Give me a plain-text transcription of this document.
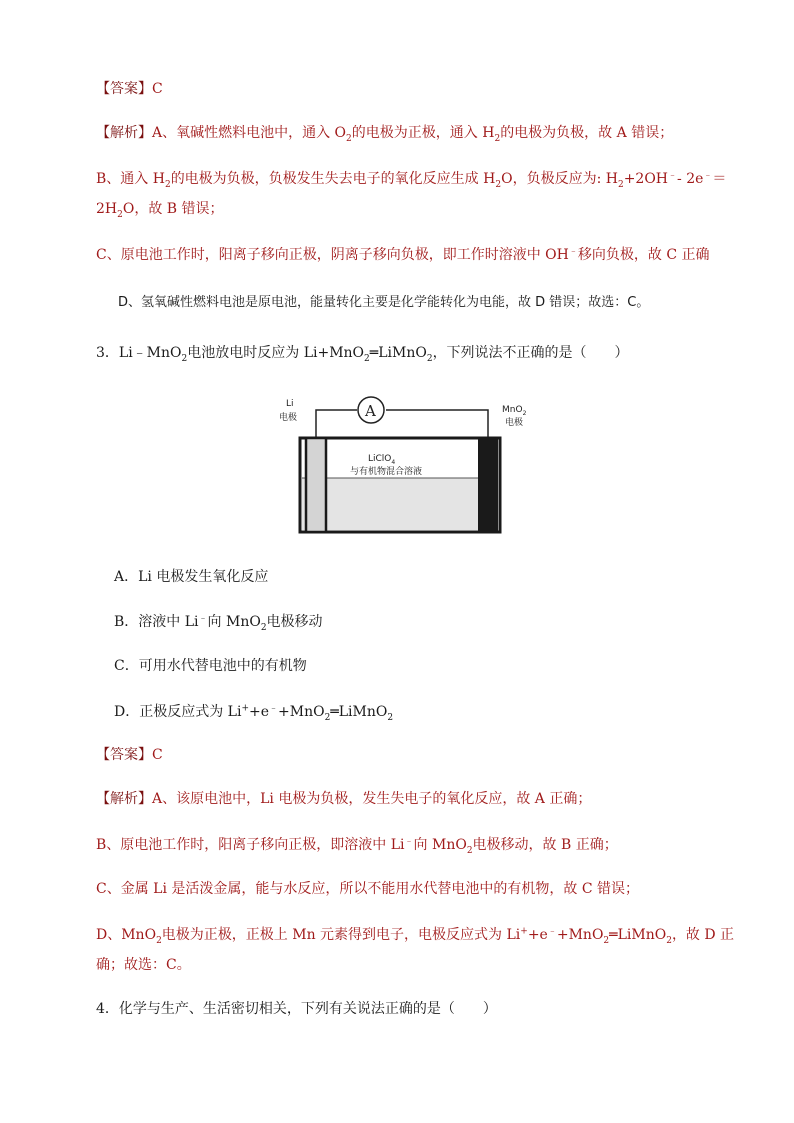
【答案】C
【解析】A、氧碱性燃料电池中，通入 $O_2$的电极为正极，通入 $H_2$的电极为负极，故 A 错误；
B、通入 $H_2$的电极为负极，负极发生失去电子的氧化反应生成 $H_2O$，负极反应为: $H_2+2OH^﹣-$ 2e﹣＝
$2H_2O$，故 B 错误；
C、原电池工作时，阳离子移向正极，阴离子移向负极，即工作时溶液中 OH﹣移向负极，故 C 正确
D、氢氧碱性燃料电池是原电池，能量转化主要是化学能转化为电能，故 D 错误；故选：C。
3．Li﹣MnO$_2$电池放电时反应为 Li+MnO$_2$═LiMnO$_2$，下列说法不正确的是（　　）
Li
电极
MnO$_2$
电极
A
LiClO$_4$
与有机物混合溶液
A．Li 电极发生氧化反应
B．溶液中 Li﹣向 MnO$_2$电极移动
C．可用水代替电池中的有机物
D．正极反应式为 Li++e﹣+MnO$_2$═LiMnO$_2$
【答案】C
【解析】A、该原电池中，Li 电极为负极，发生失电子的氧化反应，故 A 正确；
B、原电池工作时，阳离子移向正极，即溶液中 Li﹣向 MnO$_2$电极移动，故 B 正确；
C、金属 Li 是活泼金属，能与水反应，所以不能用水代替电池中的有机物，故 C 错误；
D、MnO$_2$电极为正极，正极上 Mn 元素得到电子，电极反应式为 Li++e﹣+MnO$_2$═LiMnO$_2$，故 D 正
确；故选：C。
4．化学与生产、生活密切相关，下列有关说法正确的是（　　）
